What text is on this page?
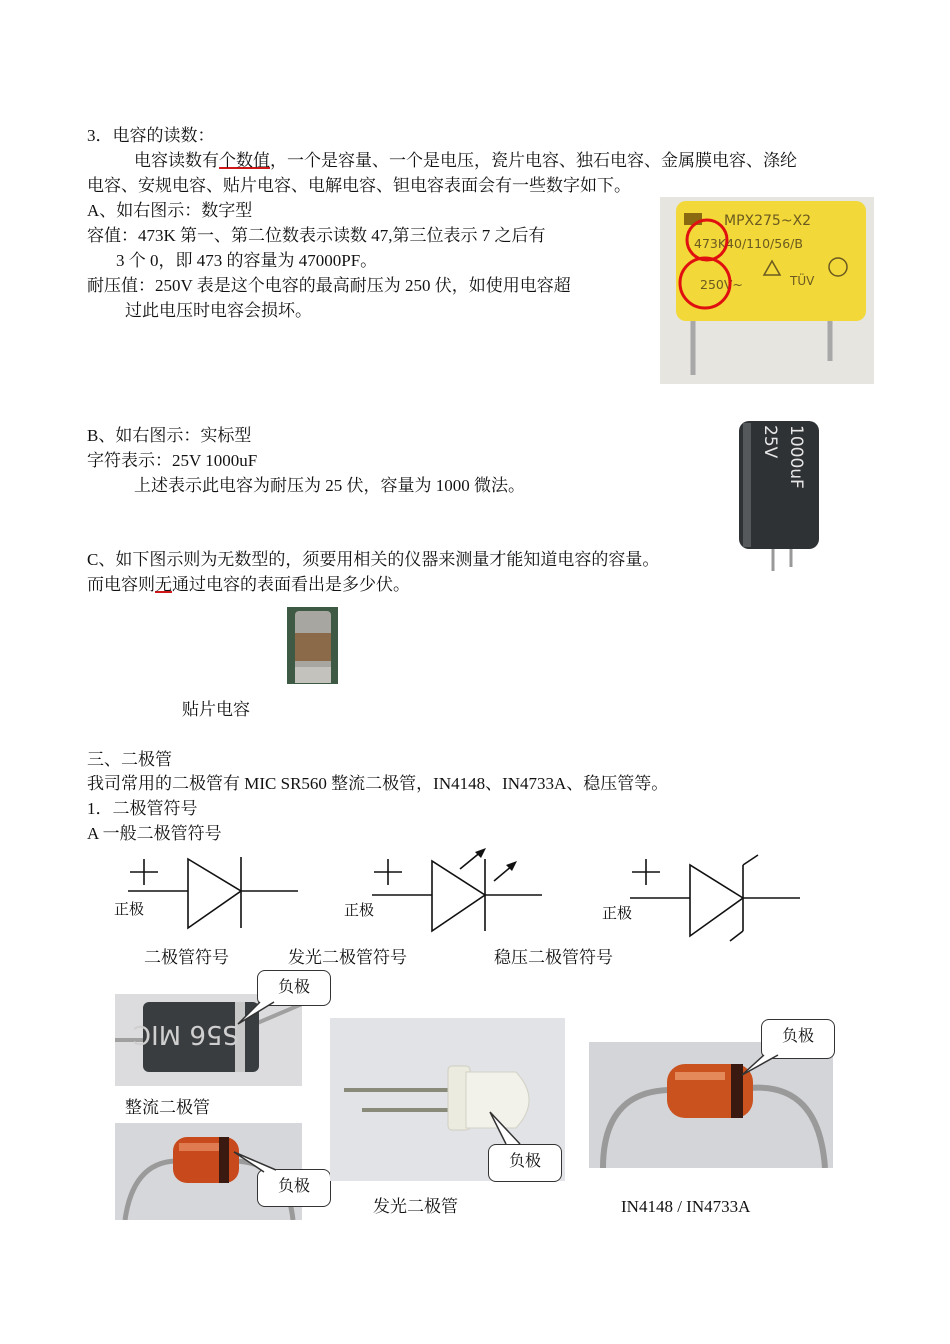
3．电容的读数：
电容读数有个数值，一个是容量、一个是电压，瓷片电容、独石电容、金属膜电容、涤纶
电容、安规电容、贴片电容、电解电容、钽电容表面会有一些数字如下。
A、如右图示：数字型
容值：473K 第一、第二位数表示读数 47,第三位表示 7 之后有
3 个 0，即 473 的容量为 47000PF。
耐压值：250V 表是这个电容的最高耐压为 250 伏，如使用电容超
过此电压时电容会损坏。
MPX275~X2
473K40/110/56/B
250V~	TÜV
B、如右图示：实标型
字符表示：25V 1000uF
上述表示此电容为耐压为 25 伏，容量为 1000 微法。	1000uF
25V
C、如下图示则为无数型的，须要用相关的仪器来测量才能知道电容的容量。
而电容则无通过电容的表面看出是多少伏。
贴片电容
三、二极管
我司常用的二极管有 MIC SR560 整流二极管，IN4148、IN4733A、稳压管等。
1．二极管符号
A 一般二极管符号
正极	正极	正极
二极管符号	发光二极管符号	稳压二极管符号
S56 MIC
负极
整流二极管
负极
负极
发光二极管
负极
IN4148 / IN4733A
